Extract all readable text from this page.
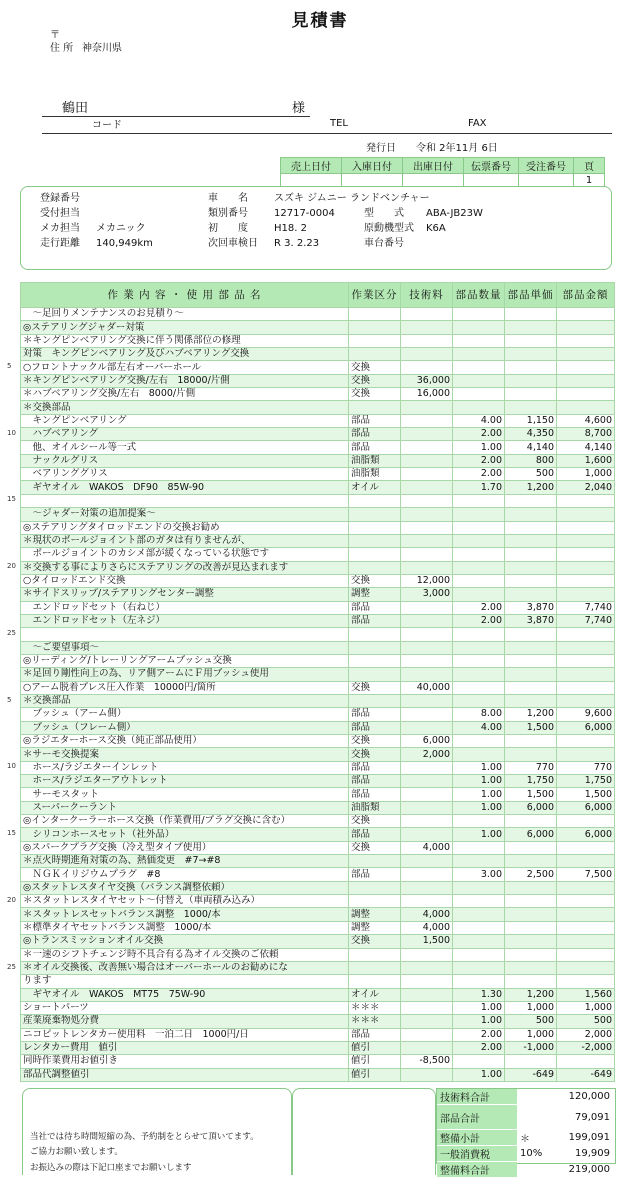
見積書
〒
住 所 神奈川県
鶴田	様
コード	TEL	FAX
発行日 令和 2年11月 6日
売上日付	入庫日付	出庫日付	伝票番号	受注番号	頁
					1
登録番号
受付担当
メカ担当 メカニック
走行距離 140,949km
車　　名	スズキ ジムニー ランドベンチャー
類別番号	12717-0004
初　　度	H18. 2
次回車検日 R 3. 2.23
型　　式 ABA-JB23W
原動機型式 K6A
車台番号
作 業 内 容 ・ 使 用 部 品 名	作業区分	技術料	部品数量	部品単価	部品金額
　～足回りメンテナンスのお見積り～					
◎ステアリングジャダー対策					
＊キングピンベアリング交換に伴う関係部位の修理					
対策　キングピンベアリング及びハブベアリング交換					
○フロントナックル部左右オーバーホール	交換				
＊キングピンベアリング交換/左右　18000/片側	交換	36,000			
＊ハブベアリング交換/左右　8000/片側	交換	16,000			
＊交換部品					
　キングピンベアリング	部品		4.00	1,150	4,600
　ハブベアリング	部品		2.00	4,350	8,700
　他、オイルシール等一式	部品		1.00	4,140	4,140
　ナックルグリス	油脂類		2.00	800	1,600
　ベアリンググリス	油脂類		2.00	500	1,000
　ギヤオイル　WAKOS　DF90　85W-90	オイル		1.70	1,200	2,040

　～ジャダー対策の追加提案～					
◎ステアリングタイロッドエンドの交換お勧め					
＊現状のボールジョイント部のガタは有りませんが、					
　ボールジョイントのカシメ部が緩くなっている状態です					
＊交換する事によりさらにステアリングの改善が見込まれます					
○タイロッドエンド交換	交換	12,000			
＊サイドスリップ/ステアリングセンター調整	調整	3,000			
　エンドロッドセット（右ねじ）	部品		2.00	3,870	7,740
　エンドロッドセット（左ネジ）	部品		2.00	3,870	7,740

　～ご要望事項～					
◎リーディング/トレーリングアームブッシュ交換					
＊足回り剛性向上の為、リア側アームにＦ用ブッシュ使用					
○アーム脱着プレス圧入作業　10000円/箇所	交換	40,000			
＊交換部品					
　ブッシュ（アーム側）	部品		8.00	1,200	9,600
　ブッシュ（フレーム側）	部品		4.00	1,500	6,000
◎ラジエターホース交換（純正部品使用）	交換	6,000			
＊サーモ交換提案	交換	2,000			
　ホース/ラジエターインレット	部品		1.00	770	770
　ホース/ラジエターアウトレット	部品		1.00	1,750	1,750
　サーモスタット	部品		1.00	1,500	1,500
　スーパークーラント	油脂類		1.00	6,000	6,000
◎インタークーラーホース交換（作業費用/プラグ交換に含む）	交換				
　シリコンホースセット（社外品）	部品		1.00	6,000	6,000
◎スパークプラグ交換（冷え型タイプ使用）	交換	4,000			
＊点火時期進角対策の為、熱価変更　#7→#8					
　ＮＧＫイリジウムプラグ　#8	部品		3.00	2,500	7,500
◎スタットレスタイヤ交換（バランス調整依頼）					
＊スタットレスタイヤセット～付替え（車両積み込み）					
＊スタットレスセットバランス調整　1000/本	調整	4,000			
＊標準タイヤセットバランス調整　1000/本	調整	4,000			
◎トランスミッションオイル交換	交換	1,500			
＊一速のシフトチェンジ時不具合有る為オイル交換のご依頼					
＊オイル交換後、改善無い場合はオーバーホールのお勧めにな					
ります					
　ギヤオイル　WAKOS　MT75　75W-90	オイル		1.30	1,200	1,560
ショートパーツ	＊＊＊		1.00	1,000	1,000
産業廃棄物処分費	＊＊＊		1.00	500	500
ニコピットレンタカー使用料　一泊二日　1000円/日	部品		2.00	1,000	2,000
レンタカー費用　値引	値引		2.00	-1,000	-2,000
同時作業費用お値引き	値引	-8,500			
部品代調整値引	値引		1.00	-649	-649
5
10
15
20
25
5
10
15
20
25
当社では待ち時間短縮の為、予約制をとらせて頂いてます。
ご協力お願い致します。
お振込みの際は下記口座までお願いします
技術料合計		120,000
部品合計		79,091
整備小計	＊	199,091
一般消費税	10%	19,909
整備料合計		219,000
